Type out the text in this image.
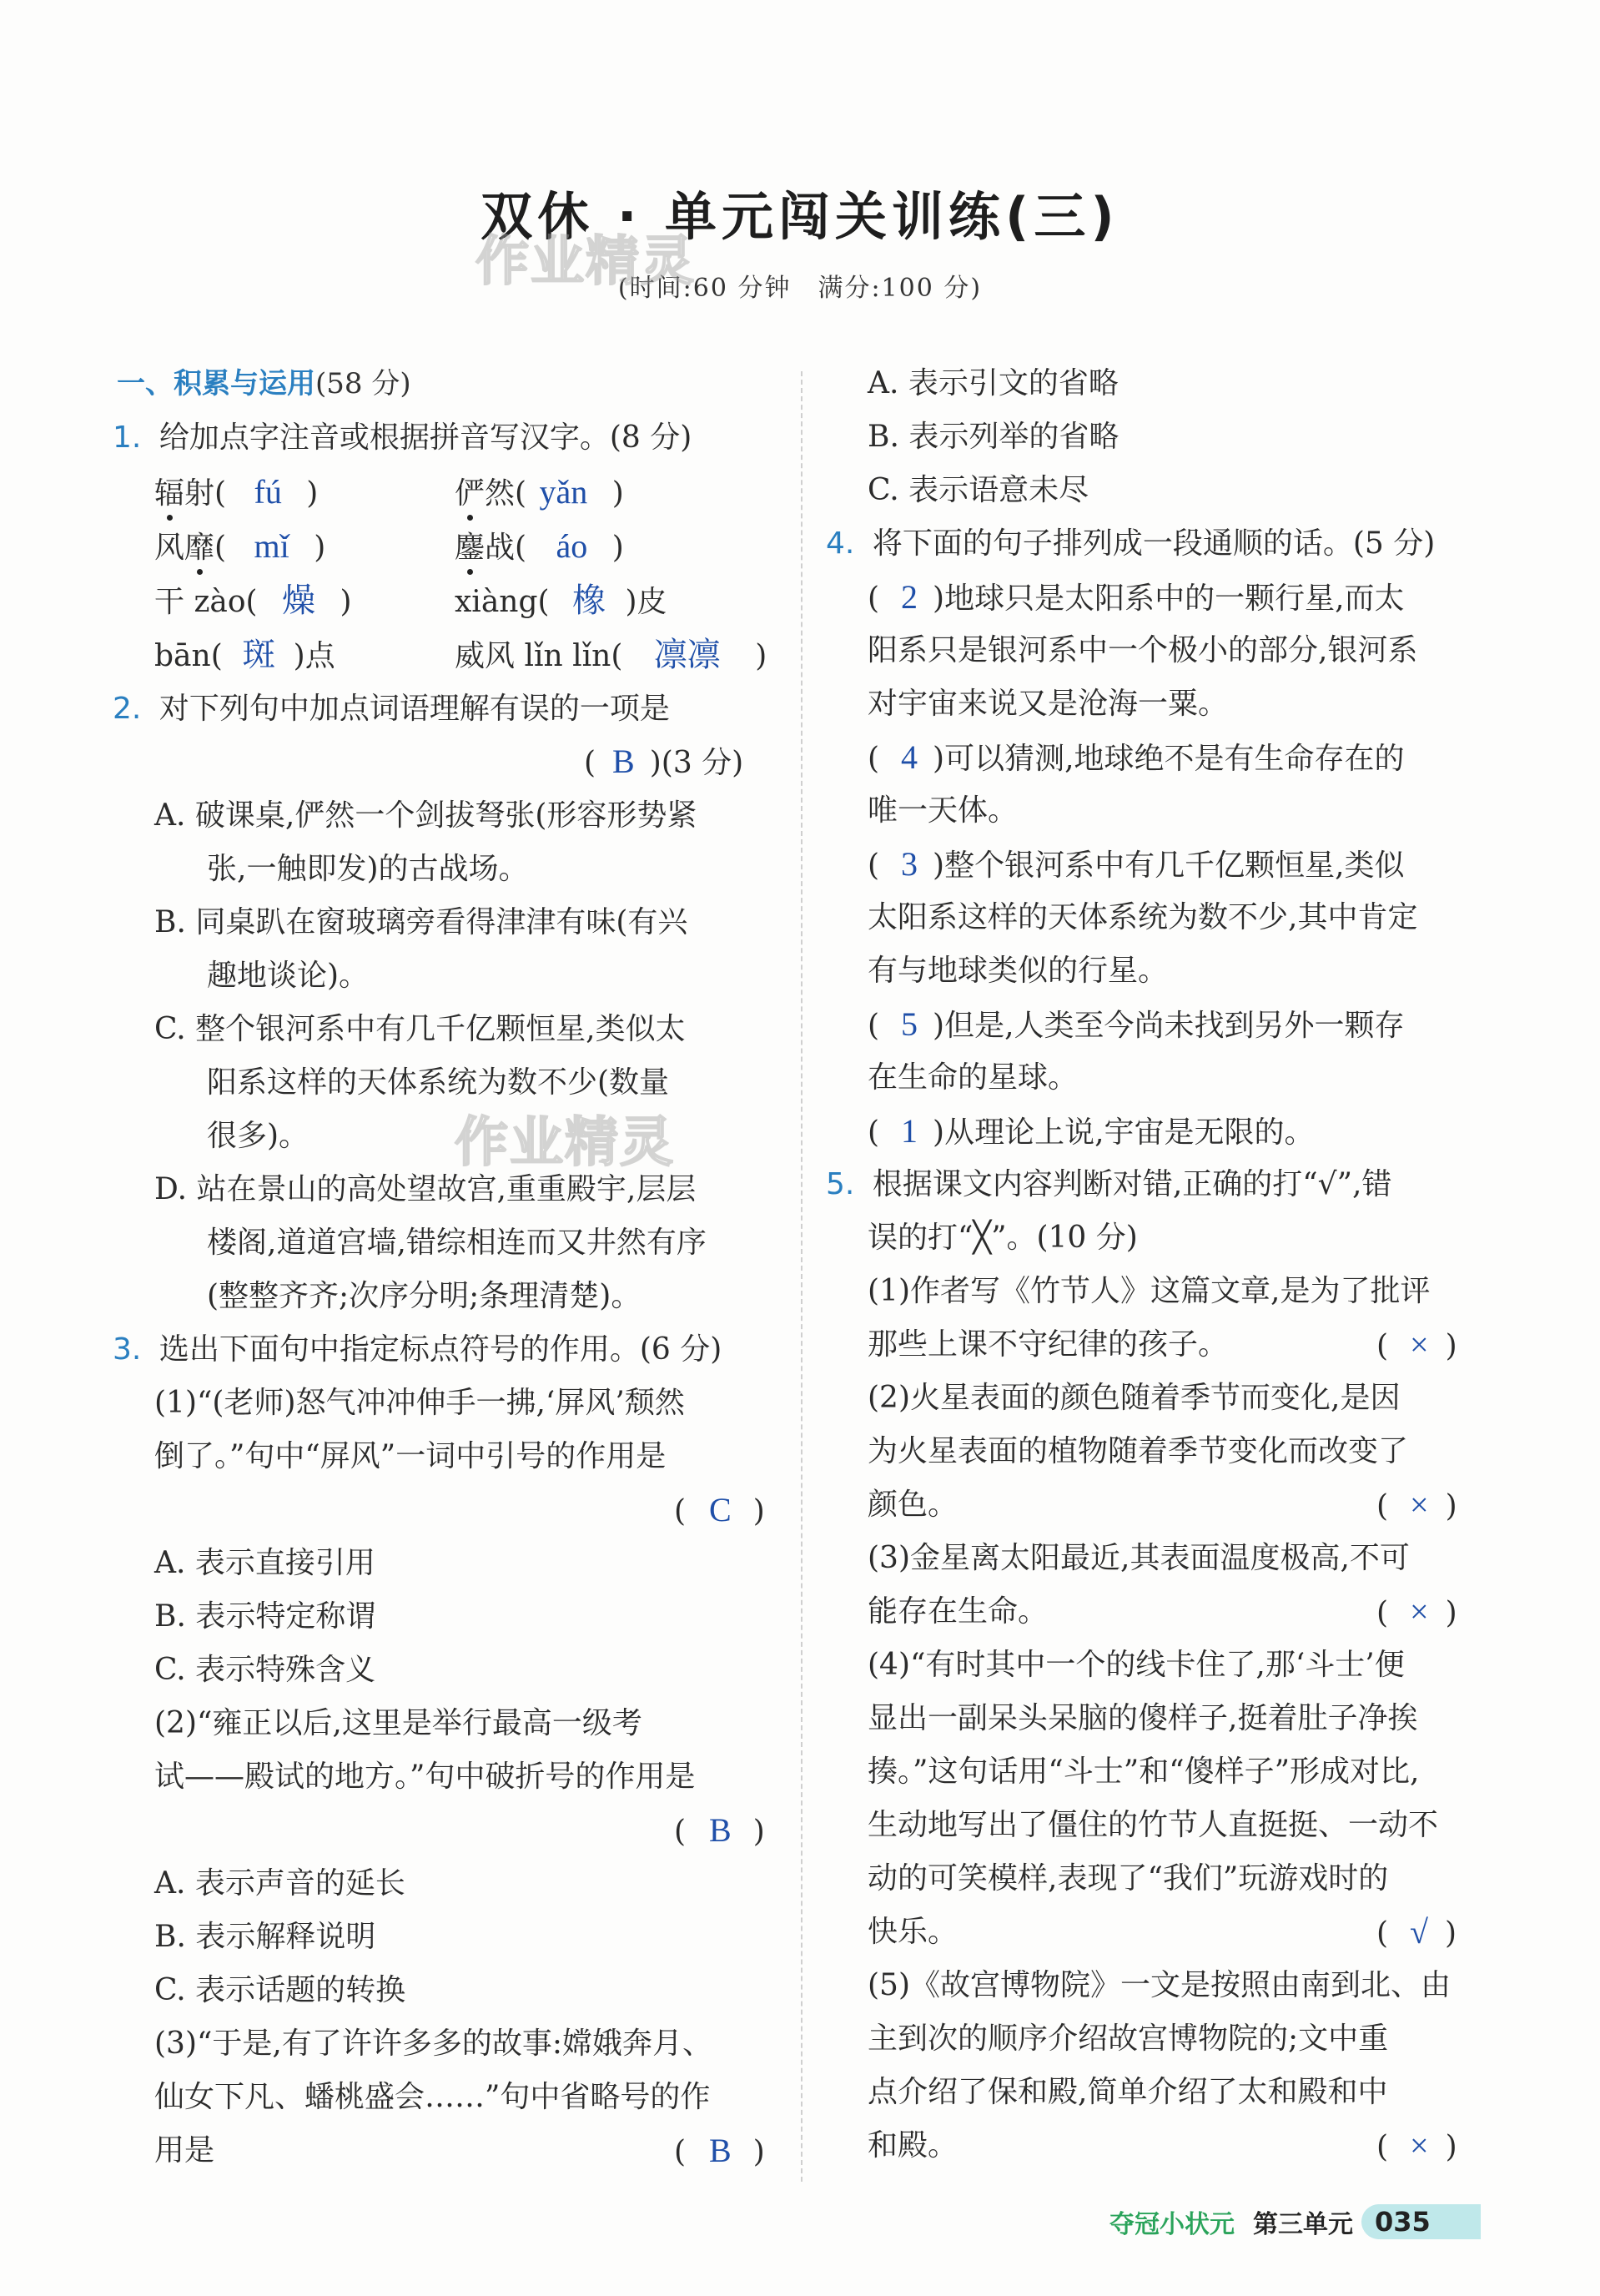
双休 · 单元闯关训练(三)
(时间:60 分钟　满分:100 分)
作业精灵
作业精灵
一、积累与运用(58 分)
1. 给加点字注音或根据拼音写汉字。(8 分)
辐射( fú )	俨然( yǎn )
风靡( mǐ )	鏖战( áo )
干 zào( 燥 )	xiàng( 橡 )皮
bān( 斑 )点	威风 lǐn lǐn( 凛凛 )
2. 对下列句中加点词语理解有误的一项是
( B )(3 分)
A. 破课桌,俨然一个剑拔弩张(形容形势紧
张,一触即发)的古战场。
B. 同桌趴在窗玻璃旁看得津津有味(有兴
趣地谈论)。
C. 整个银河系中有几千亿颗恒星,类似太
阳系这样的天体系统为数不少(数量
很多)。
D. 站在景山的高处望故宫,重重殿宇,层层
楼阁,道道宫墙,错综相连而又井然有序
(整整齐齐;次序分明;条理清楚)。
3. 选出下面句中指定标点符号的作用。(6 分)
(1)“(老师)怒气冲冲伸手一拂,‘屏风’颓然
倒了。”句中“屏风”一词中引号的作用是
( C )
A. 表示直接引用
B. 表示特定称谓
C. 表示特殊含义
(2)“雍正以后,这里是举行最高一级考
试——殿试的地方。”句中破折号的作用是
( B )
A. 表示声音的延长
B. 表示解释说明
C. 表示话题的转换
(3)“于是,有了许许多多的故事:嫦娥奔月、
仙女下凡、蟠桃盛会……”句中省略号的作
用是	( B )
A. 表示引文的省略
B. 表示列举的省略
C. 表示语意未尽
4. 将下面的句子排列成一段通顺的话。(5 分)
( 2 )地球只是太阳系中的一颗行星,而太
阳系只是银河系中一个极小的部分,银河系
对宇宙来说又是沧海一粟。
( 4 )可以猜测,地球绝不是有生命存在的
唯一天体。
( 3 )整个银河系中有几千亿颗恒星,类似
太阳系这样的天体系统为数不少,其中肯定
有与地球类似的行星。
( 5 )但是,人类至今尚未找到另外一颗存
在生命的星球。
( 1 )从理论上说,宇宙是无限的。
5. 根据课文内容判断对错,正确的打“√”,错
误的打“╳”。(10 分)
(1)作者写《竹节人》这篇文章,是为了批评
那些上课不守纪律的孩子。	( × )
(2)火星表面的颜色随着季节而变化,是因
为火星表面的植物随着季节变化而改变了
颜色。	( × )
(3)金星离太阳最近,其表面温度极高,不可
能存在生命。	( × )
(4)“有时其中一个的线卡住了,那‘斗士’便
显出一副呆头呆脑的傻样子,挺着肚子净挨
揍。”这句话用“斗士”和“傻样子”形成对比,
生动地写出了僵住的竹节人直挺挺、一动不
动的可笑模样,表现了“我们”玩游戏时的
快乐。	( √ )
(5)《故宫博物院》一文是按照由南到北、由
主到次的顺序介绍故宫博物院的;文中重
点介绍了保和殿,简单介绍了太和殿和中
和殿。	( × )
夺冠小状元 第三单元 035
